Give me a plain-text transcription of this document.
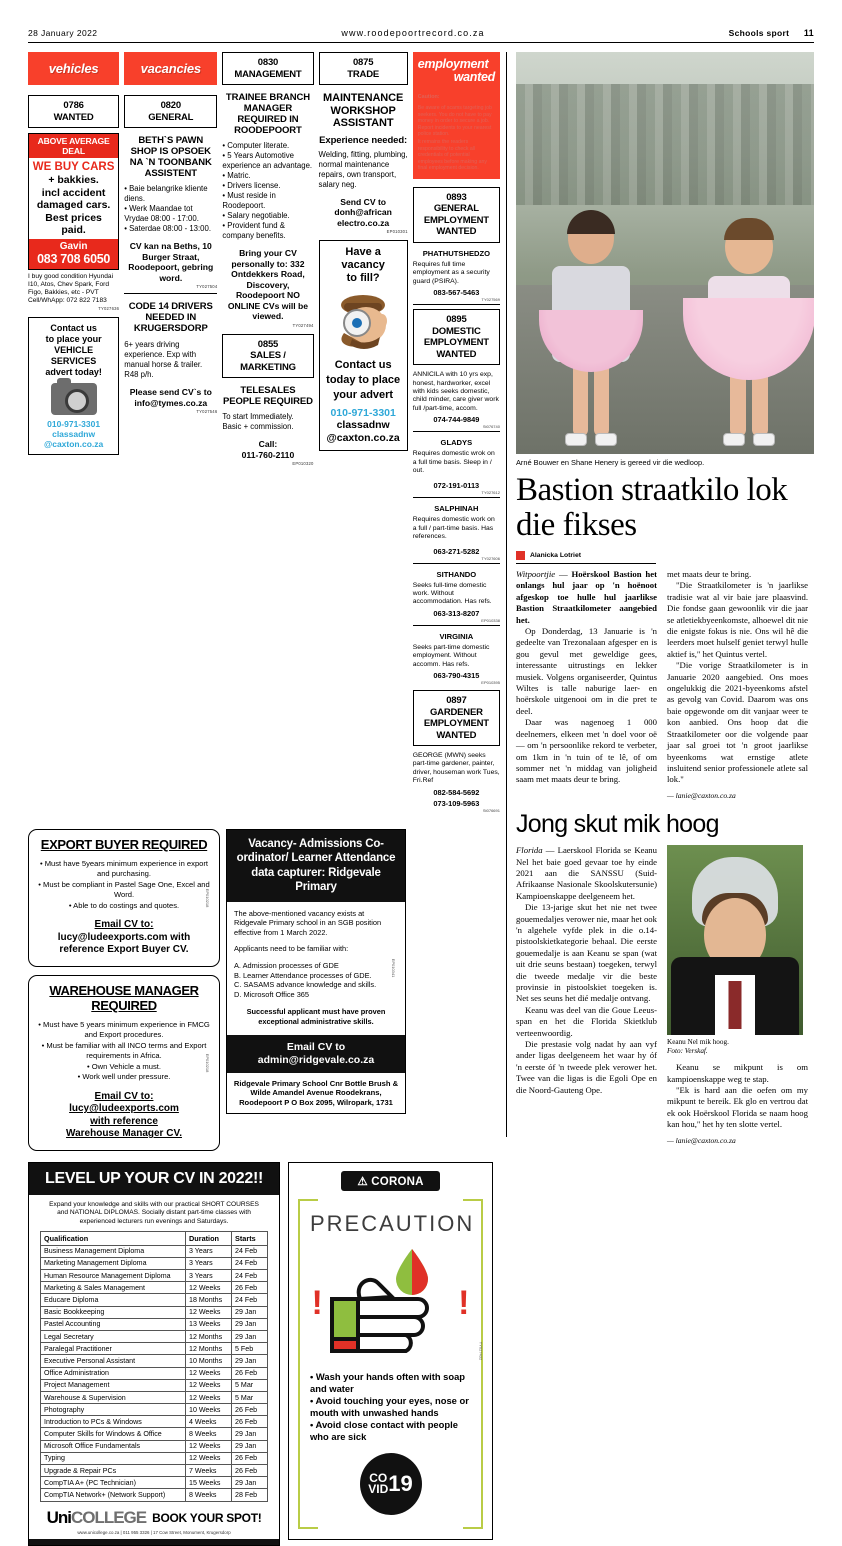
28 January 2022	www.roodepoortrecord.co.za	Schools sport 11
vehicles
0786
WANTED
ABOVE AVERAGE DEAL
WE BUY CARS
+ bakkies.
incl accident
damaged cars.
Best prices paid.
Gavin
083 708 6050
I buy good condition Hyundai I10, Atos, Chev Spark, Ford Figo, Bakkies, etc - PVT Cell/WhApp: 072 822 7183
TY027636
Contact us
to place your
VEHICLE SERVICES
advert today!
010-971-3301
classadnw
@caxton.co.za
vacancies
0820
GENERAL
BETH`S PAWN SHOP IS OPSOEK NA `N TOONBANK ASSISTENT
• Baie belangrike kliente diens.
• Werk Maandae tot Vrydae 08:00 - 17:00.
• Saterdae 08:00 - 13:00.
CV kan na Beths, 10 Burger Straat, Roodepoort, gebring word.
TY027504
CODE 14 DRIVERS NEEDED IN KRUGERSDORP
6+ years driving experience. Exp with manual horse & trailer. R48 p/h.
Please send CV`s to info@tymes.co.za
TY027546
0830
MANAGEMENT
TRAINEE BRANCH MANAGER REQUIRED IN ROODEPOORT
• Computer literate.
• 5 Years Automotive experience an advantage.
• Matric.
• Drivers license.
• Must reside in Roodepoort.
• Salary negotiable.
• Provident fund & company benefits.
Bring your CV personally to: 332 Ontdekkers Road, Discovery, Roodepoort NO ONLINE CVs will be viewed.
TY027494
0855
SALES / MARKETING
TELESALES PEOPLE REQUIRED
To start Immediately. Basic + commission.
Call:
011-760-2110
EP010320
0875
TRADE
MAINTENANCE WORKSHOP ASSISTANT
Experience needed:
Welding, fitting, plumbing, normal maintenance repairs, own transport, salary neg.
Send CV to
donh@african
electro.co.za
EP010301
Have a vacancy
to fill?
Contact us
today to place
your advert
010-971-3301
classadnw
@caxton.co.za
employment
wanted
Caution:
Be aware of scams targeting job seekers. You do not have to pay money in order to secure a job. Report incidents to your nearest police station.
It remains the readers responsibility to check all credentials of potential employees before making any final employment decision.
0893
GENERAL EMPLOYMENT WANTED
PHATHUTSHEDZO
Requires full time employment as a security guard (PSIRA).
083-567-5463
TY027569
0895
DOMESTIC EMPLOYMENT WANTED
ANNICILA with 10 yrs exp, honest, hardworker, excel with kids seeks domestic, child minder, care giver work full /part-time, accom.
074-744-9849
St076740
GLADYS
Requires domestic wrok on a full time basis. Sleep in / out.
072-191-0113
TY027612
SALPHINAH
Requires domestic work on a full / part-time basis. Has references.
063-271-5282
TY027606
SITHANDO
Seeks full-time domestic work. Without accommodation. Has refs.
063-313-8207
EP010338
VIRGINIA
Seeks part-time domestic employment. Without accomm. Has refs.
063-790-4315
EP010395
0897
GARDENER EMPLOYMENT WANTED
GEORGE (MWN) seeks part-time gardener, painter, driver, houseman work Tues, Fri.Ref
082-584-5692
073-109-5963
St076691
EXPORT BUYER REQUIRED
• Must have 5years minimum experience in export and purchasing.
• Must be compliant in Pastel Sage One, Excel and Word.
• Able to do costings and quotes.
Email CV to:
lucy@ludeexports.com with reference Export Buyer CV.
EP010218
WAREHOUSE MANAGER REQUIRED
• Must have 5 years minimum experience in FMCG and Export procedures.
• Must be familiar with all INCO terms and Export requirements in Africa.
• Own Vehicle a must.
• Work well under pressure.
Email CV to:
lucy@ludeexports.com
with reference
Warehouse Manager CV.
EP010218
Vacancy- Admissions Co-ordinator/ Learner Attendance data capturer: Ridgevale Primary

The above-mentioned vacancy exists at Ridgevale Primary school in an SGB position effective from 1 March 2022.

Applicants need to be familiar with:

A. Admission processes of GDE
B. Learner Attendance processes of GDE.
C. SASAMS advance knowledge and skills.
D. Microsoft Office 365

Successful applicant must have proven exceptional administrative skills.

EP010341
Email CV to
admin@ridgevale.co.za
Ridgevale Primary School Cnr Bottle Brush & Wilde Amandel Avenue Roodekrans, Roodepoort P O Box 2095, Wilropark, 1731
LEVEL UP YOUR CV IN 2022!!
Expand your knowledge and skills with our practical SHORT COURSES and NATIONAL DIPLOMAS. Socially distant part-time classes with experienced lecturers run evenings and Saturdays.
Qualification	Duration	Starts
Business Management Diploma	3 Years	24 Feb
Marketing Management Diploma	3 Years	24 Feb
Human Resource Management Diploma	3 Years	24 Feb
Marketing & Sales Management	12 Weeks	26 Feb
Educare Diploma	18 Months	24 Feb
Basic Bookkeeping	12 Weeks	29 Jan
Pastel Accounting	13 Weeks	29 Jan
Legal Secretary	12 Months	29 Jan
Paralegal Practitioner	12 Months	5 Feb
Executive Personal Assistant	10 Months	29 Jan
Office Administration	12 Weeks	26 Feb
Project Management	12 Weeks	5 Mar
Warehouse & Supervision	12 Weeks	5 Mar
Photography	10 Weeks	26 Feb
Introduction to PCs & Windows	4 Weeks	26 Feb
Computer Skills for Windows & Office	8 Weeks	29 Jan
Microsoft Office Fundamentals	12 Weeks	29 Jan
Typing	12 Weeks	26 Feb
Upgrade & Repair PCs	7 Weeks	26 Feb
CompTIA A+ (PC Technician)	15 Weeks	29 Jan
CompTIA Network+ (Network Support)	8 Weeks	28 Feb
UniCOLLEGE BOOK YOUR SPOT!
www.unicollege.co.za | 011 955 3326 | 17 Cow Street, Monument, Krugersdorp
⚠ CORONA
PRECAUTION
!	!
• Wash your hands often with soap and water
• Avoid touching your eyes, nose or mouth with unwashed hands
• Avoid close contact with people who are sick
CO
VID 19
TY027432
Arné Bouwer en Shane Henery is gereed vir die wedloop.
Bastion straatkilo lok die fikses
Alanicka Lotriet

Witpoortjie — Hoërskool Bastion het onlangs hul jaar op 'n hoënoot afgeskop toe hulle hul jaarlikse Bastion Straatkilometer aangebied het.

Op Donderdag, 13 Januarie is 'n gedeelte van Trezonalaan afgesper en is gou gevul met geweldige gees, interessante uitrustings en lekker musiek. Volgens organiseerder, Quintus Wiltes is talle naburige laer- en hoërskole uitgenooi om in die pret te deel.

Daar was nagenoeg 1 000 deelnemers, elkeen met 'n doel voor oë — om 'n persoonlike rekord te verbeter, om 1km in 'n tuin of te lê, of om sommer net 'n middag van joligheid saam met maats deur te bring.

met maats deur te bring.

"Die Straatkilometer is 'n jaarlikse tradisie wat al vir baie jare plaasvind. Die fondse gaan gewoonlik vir die jaar se atletiekbyeenkomste, alhoewel dit nie die enigste fokus is nie. Ons wil hê die leerders moet hulself geniet terwyl hulle aktief is," het Quintus vertel.

"Die vorige Straatkilometer is in Januarie 2020 aangebied. Ons moes ongelukkig die 2021-byeenkoms afstel as gevolg van Covid. Daarom was ons baie opgewonde om dit vanjaar weer te kon aanbied. Ons hoop dat die Straatkilometer oor die volgende paar jaar sal groei tot 'n groot jaarlikse byeenkoms wat ernstige atlete insluitend senior professionele atlete sal lok."

— lanie@caxton.co.za
Jong skut mik hoog

Florida — Laerskool Florida se Keanu Nel het baie goed gevaar toe hy einde 2021 aan die SANSSU (Suid-Afrikaanse Nasionale Skoolskutersunie) Kampioenskappe deelgeneem het.

Die 13-jarige skut het nie net twee gouemedaljes verower nie, maar het ook 'n algehele vyfde plek in die o.14-pistoolskietkategorie behaal. Die eerste gouemedalje is aan Keanu se span (wat uit drie seuns bestaan) toegeken, terwyl die tweede medalje vir die beste provinsie in pistoolskiet toegeken is. Net ses seuns het dié medalje ontvang.

Keanu was deel van die Goue Leeus-span en het die Florida Skietklub verteenwoordig.

Die prestasie volg nadat hy aan vyf ander ligas deelgeneem het waar hy óf 'n eerste óf 'n tweede plek verower het. Twee van die ligas is die Egoli Ope en die Noord-Gauteng Ope.

Keanu Nel mik hoog.
Foto: Verskaf.

Keanu se mikpunt is om kampioenskappe weg te stap.

"Ek is hard aan die oefen om my mikpunt te bereik. Ek glo en vertrou dat ek ook Hoërskool Florida se naam hoog kan hou," het hy ten slotte vertel.

— lanie@caxton.co.za
